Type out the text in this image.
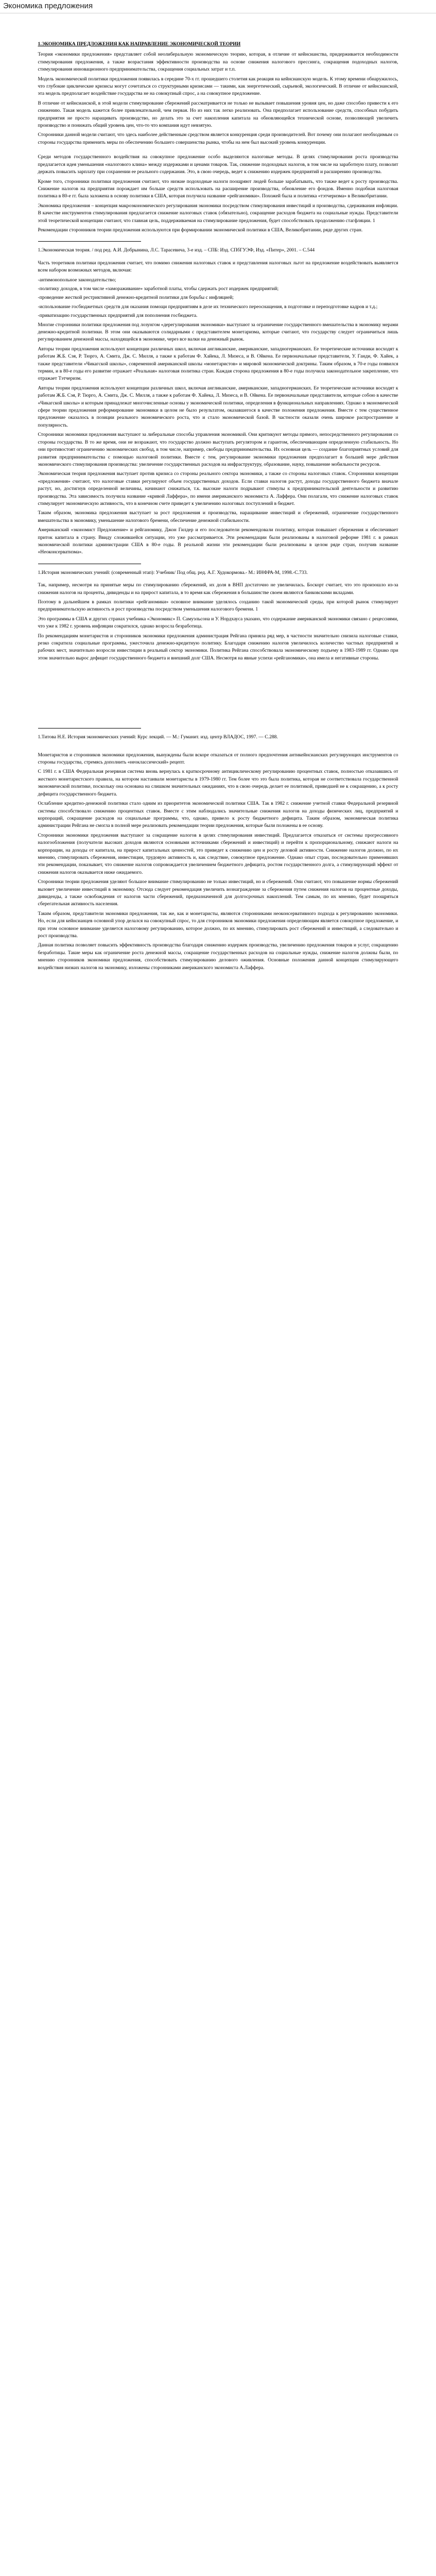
Экономика предложения

1.ЭКОНОМИКА ПРЕДЛОЖЕНИЯ КАК НАПРАВЛЕНИЕ ЭКОНОМИЧЕСКОЙ ТЕОРИИ

Теория «экономики предложения» представляет собой неолиберальную экономическую теорию, которая, в отличие от кейнсианства, придерживается необходимости стимулирования предложения, а также возрастания эффективности производства на основе снижения налогового прессинга, сокращения подоходных налогов, стимулирования инновационного предпринимательства, сокращения социальных затрат и т.п.

Модель экономической политики предложения появилась в середине 70-х гг. прошедшего столетия как реакция на кейнсианскую модель. К этому времени обнаружилось, что глубокие циклические кризисы могут сочетаться со структурными кризисами — такими, как энергетический, сырьевой, экологический. В отличие от кейнсианской, эта модель предполагает воздействие государства не на совокупный спрос, а на совокупное предложение.

В отличие от кейнсианской, в этой модели стимулирование сбережений рассматривается не только не вызывает повышения уровня цен, но даже способно привести к его снижению. Такая модель кажется более привлекательной, чем первая. Но из них так легко реализовать. Она предполагает использование средств, способных побудить предприятия не просто наращивать производство, но делать это за счет накопления капитала на обновляющейся технической основе, позволяющей увеличить производство и понижать общий уровень цен, что-то что компания идут невзятую.

Сторонники данной модели считают, что здесь наиболее действенным средством является конкуренция среди производителей. Вот почему они полагают необходимым со стороны государства применить меры по обеспечению большего совершенства рынка, чтобы на нем был высокий уровень конкуренции.

Среди методов государственного воздействия на совокупное предложение особо выделяются налоговые методы. В целях стимулирования роста производства предлагается идея уменьшения «налогового клина» между издержками и ценами товаров. Так, снижение подоходных налогов, в том числе на заработную плату, позволит держать повысить зарплату при сохранении ее реального содержания. Это, в свою очередь, ведет к снижению издержек предприятий и расширению производства.

Кроме того, сторонники политики предложения считают, что низкие подоходные налоги поощряют людей больше зарабатывать, что также ведет к росту производства. Снижение налогов на предприятия порождает им больше средств использовать на расширение производства, обновление его фондов. Именно подобная налоговая политика в 80-е гг. была заложена в основу политики в США, которая получила название «рейганомики». Похожей была и политика «тэтчеризма» в Великобритании.

Экономика предложения – концепция макроэкономического регулирования экономики посредством стимулирования инвестиций и производства, сдерживания инфляции. В качестве инструментов стимулирования предлагается снижение налоговых ставок (обязательно), сокращение расходов бюджета на социальные нужды. Представители этой теоретической концепции считают, что главная цель, поддерживаемая на стимулирование предложения, будет способствовать продолжению стагфляции. 1

Рекомендации сторонников теории предложения используются при формировании экономической политики в США, Великобритании, ряде других стран.

1.Экономическая теория. / под ред. А.И. Добрынина, Л.С. Тарасевича, 3-е изд. – СПБ: Изд. СПбГУЭФ, Изд. «Питер», 2001. – С.544

Часть теоретиков политики предложения считает, что помимо снижения налоговых ставок и представления налоговых льгот на предложение воздействовать выявляется всем набором возможных методов, включая:

-антимонопольное законодательство;
-политику доходов, в том числе «замораживание» заработной платы, чтобы сдержать рост издержек предприятий;
-проведение жесткой рестриктивной денежно-кредитной политики для борьбы с инфляцией;
-использование госбюджетных средств для оказания помощи предприятиям в деле их технического переоснащения, в подготовке и переподготовке кадров и т.д.;
-приватизацию государственных предприятий для пополнения госбюджета.

Многие сторонники политики предложения под лозунгом «дерегулирования экономики» выступают за ограничение государственного вмешательства в экономику мерами денежно-кредитной политики. В этом они оказываются солидарными с представителем монетаризма, которые считают, что государству следует ограничиться лишь регулированием денежной массы, находящейся в экономике, через все валки на денежный рынок.

Авторы теории предложения используют концепции различных школ, включая англиканские, американские, западногерманских. Ее теоретические источники восходят к работам Ж.Б. Сэя, Р. Тюрго, А. Смита, Дж. С. Милля, а также к работам Ф. Хайека, Л. Мизеса, и В. Ойкена. Ее первоначальные представители, У. Ганди, Ф. Хайек, а также представители «Чикагской школы», современной американской школы «монетаристов» и мировой экономической доктрины. Таким образом, в 70-е годы появился термин, и в 80-е годы его развитие отражает «Реальная» налоговая политика стран. Каждая сторона предложения в 80-е годы получила законодательное закрепление, что отражает Тэтчеризм.

Авторы теории предложения используют концепции различных школ, включая англиканские, американские, западногерманских. Ее теоретические источники восходят к работам Ж.Б. Сэя, Р. Тюрго, А. Смита, Дж. С. Милля, а также к работам Ф. Хайека, Л. Мизеса, и В. Ойкена. Ее первоначальные представители, которые собою в качестве «Чикагской школы» и которым принадлежат многочисленные основы у экономической политики, определения в функциональных направлениях. Однако в экономической сфере теории предложения реформирование экономики в целом не было результатом, оказавшегося в качестве положения предложения. Вместе с тем существенное предложение оказалось в позиции реального экономического роста, что и стало экономической базой. В частности оказали очень широкое распространение и популярность.

Сторонники экономики предложения выступают за либеральные способы управления экономикой. Они критикуют методы прямого, непосредственного регулирования со стороны государства. В то же время, они не возражают, что государство должно выступать регулятором и гарантом, обеспечивающим определенную стабильность. Но они противостоят ограничению экономических свобод, в том числе, например, свободы предпринимательства. Их основная цель — создание благоприятных условий для развития предпринимательства с помощью налоговой политики. Вместе с тем, регулирование экономики предложения предполагает в большей мере действия экономического стимулирования производства: увеличение государственных расходов на инфраструктуру, образование, науку, повышение мобильности ресурсов.

Экономическая теория предложения выступает против кризиса со стороны реального сектора экономики, а также со стороны налоговых ставок. Сторонники концепции «предложения» считают, что налоговые ставки регулируют объем государственных доходов. Если ставки налогов растут, доходы государственного бюджета вначале растут, но, достигнув определенной величины, начинают снижаться, т.к. высокие налоги подрывают стимулы к предпринимательской деятельности и развитию производства. Эта зависимость получила название «кривой Лаффера», по имени американского экономиста А. Лаффера. Они полагали, что снижение налоговых ставок стимулирует экономическую активность, что в конечном счете приведет к увеличению налоговых поступлений в бюджет.

Таким образом, экономика предложения выступает за рост предложения и производства, наращивание инвестиций и сбережений, ограничение государственного вмешательства в экономику, уменьшение налогового бремени, обеспечение денежной стабильности.

Американский «экономист Предложение» и рейганомику, Джон Гилдер и его последователи рекомендовали политику, которая повышает сбережения и обеспечивает приток капитала в страну. Ввиду сложившейся ситуации, это уже рассматривается. Эти рекомендации были реализованы в налоговой реформе 1981 г. в рамках экономической политики администрации США в 80-е годы. В реальной жизни эти рекомендации были реализованы в целом ряде стран, получив название «Неоконсерватизма».

1.История экономических учений: (современный этап): Учебник/ Под общ. ред. А.Г. Худокормова.- М.: ИНФРА-М, 1998.-С.733.

Так, например, несмотря на принятые меры по стимулированию сбережений, их доля в ВНП достаточно не увеличилась. Боскорт считает, что это произошло из-за снижения налогов на проценты, дивиденды и на прирост капитала, в то время как сбережения в большинстве своем являются банковскими вкладами.

Поэтому в дальнейшем в рамках политики «рейганомики» основное внимание уделялось созданию такой экономической среды, при которой рынок стимулирует предпринимательскую активность и рост производства посредством уменьшения налогового бремени. 1

Это программы в США и других странах учебника «Экономикс» П. Самуэльсона и У. Нордхауса указано, что содержание американской экономики связано с рецессиями, что уже к 1982 г. уровень инфляции сократился, однако возросла безработица.

По рекомендациям монетаристов и сторонников экономики предложения администрация Рейгана приняла ряд мер, в частности значительно снизила налоговые ставки, резко сократила социальные программы, ужесточила денежно-кредитную политику. Благодаря снижению налогов увеличилось количество частных предприятий и рабочих мест, значительно возросли инвестиции в реальный сектор экономики. Политика Рейгана способствовала экономическому подъему в 1983-1989 гг. Однако при этом значительно вырос дефицит государственного бюджета и внешний долг США. Несмотря на явные успехи «рейганомики», она имела и негативные стороны.

1.Титова Н.Е. История экономических учений: Курс лекций. — М.: Гуманит. изд. центр ВЛАДОС, 1997. — С.288.

Монетаристов и сторонников экономики предложения, вынуждены были вскоре отказаться от полного предпочтения антикейнсианских регулирующих инструментов со стороны государства, стремясь дополнить «неоклассический» рецепт.

С 1981 г. в США Федеральная резервная система вновь вернулась к краткосрочному антициклическому регулированию процентных ставок, полностью отказавшись от жесткого монетаристского правила, на котором настаивали монетаристы в 1979-1980 гг. Тем более что это была политика, которая не соответствовала государственной экономической политике, поскольку она основана на слишком значительных ожиданиях, что в свою очередь делает ее политикой, приведшей не к сокращению, а к росту дефицита государственного бюджета.

Ослабление кредитно-денежной политики стало одним из приоритетов экономической политики США. Так в 1982 г. снижение учетной ставки Федеральной резервной системы способствовало снижению процентных ставок. Вместе с этим наблюдались значительные снижения налогов на доходы физических лиц, предприятий и корпораций, сокращение расходов на социальные программы, что, однако, привело к росту бюджетного дефицита. Таким образом, экономическая политика администрации Рейгана не смогла в полной мере реализовать рекомендации теории предложения, которые были положены в ее основу.

Сторонники экономики предложения выступают за сокращение налогов в целях стимулирования инвестиций. Предлагается отказаться от системы прогрессивного налогообложения (получатели высоких доходов являются основными источниками сбережений и инвестиций) и перейти к пропорциональному, снижают налоги на корпорации, на доходы от капитала, на прирост капитальных ценностей, это приведет к снижению цен и росту деловой активности. Снижение налогов должно, по их мнению, стимулировать сбережения, инвестиции, трудовую активность и, как следствие, совокупное предложение. Однако опыт стран, последовательно применявших эти рекомендации, показывает, что снижение налогов сопровождается увеличением бюджетного дефицита, ростом государственного долга, а стимулирующий эффект от снижения налогов оказывается ниже ожидаемого.

Сторонники теории предложения уделяют большое внимание стимулированию не только инвестиций, но и сбережений. Они считают, что повышение нормы сбережений вызовет увеличение инвестиций в экономику. Отсюда следует рекомендация увеличить вознаграждение за сбережения путем снижения налогов на процентные доходы, дивиденды, а также освобождения от налогов части сбережений, предназначенной для долгосрочных накоплений. Тем самым, по их мнению, будет поощряться сберегательная активность населения.

Таким образом, представители экономики предложения, так же, как и монетаристы, являются сторонниками неоконсервативного подхода к регулированию экономики. Но, если для кейнсианцев основной упор делался на совокупный спрос, то для сторонников экономики предложения определяющим является совокупное предложение, и при этом основное внимание уделяется налоговому регулированию, которое должно, по их мнению, стимулировать рост сбережений и инвестиций, а следовательно и рост производства.

Данная политика позволяет повысить эффективность производства благодаря снижению издержек производства, увеличению предложения товаров и услуг, сокращению безработицы. Такие меры как ограничение роста денежной массы, сокращение государственных расходов на социальные нужды, снижение налогов должны были, по мнению сторонников экономики предложения, способствовать стимулированию делового оживления. Основные положения данной концепции стимулирующего воздействия низких налогов на экономику, изложены сторонниками американского экономиста А.Лаффера.
